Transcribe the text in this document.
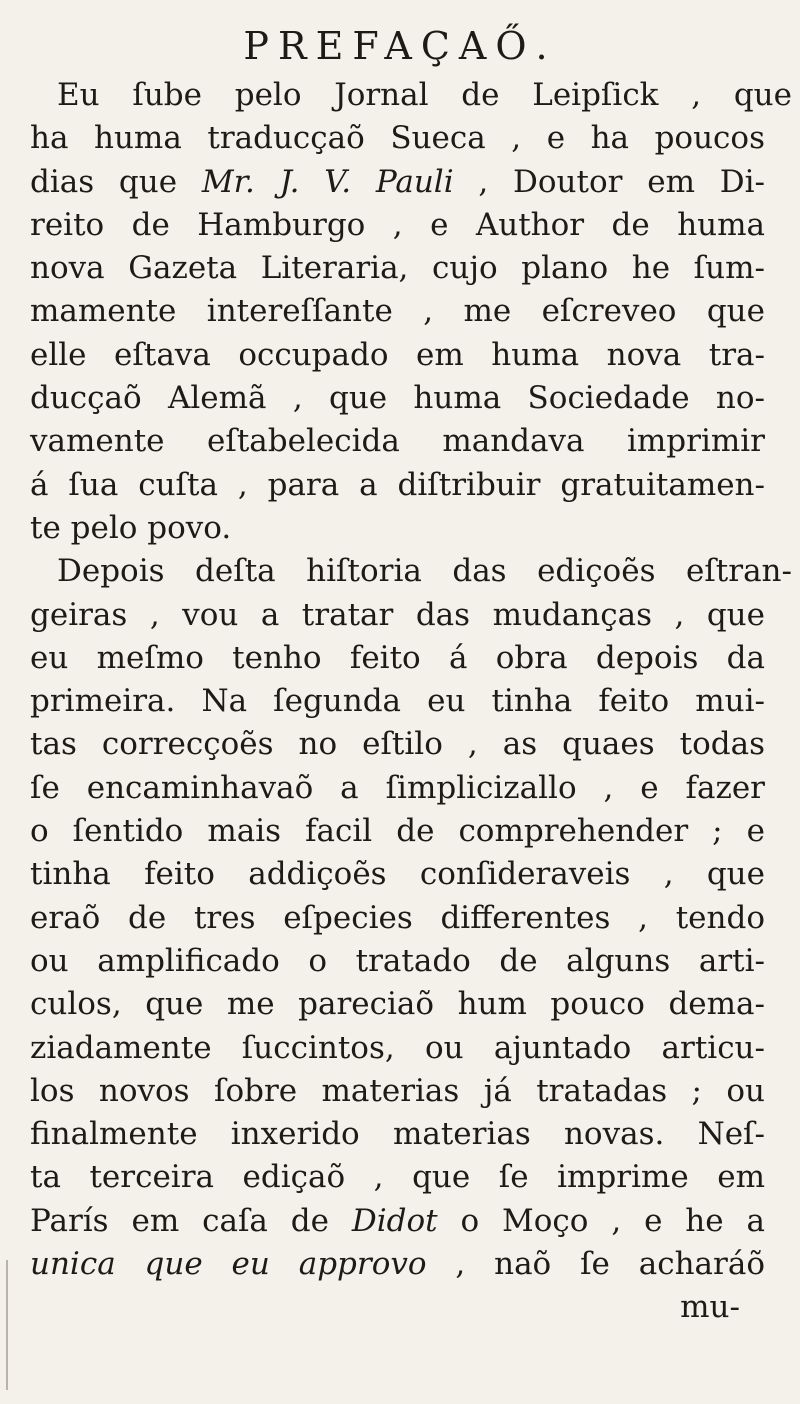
PREFAÇAŐ.
Eu ſube pelo Jornal de Leipſick , que
ha huma traducçaõ Sueca , e ha poucos
dias que Mr. J. V. Pauli , Doutor em Di-
reito de Hamburgo , e Author de huma
nova Gazeta Literaria, cujo plano he ſum-
mamente intereſſante , me eſcreveo que
elle eſtava occupado em huma nova tra-
ducçaõ Alemã , que huma Sociedade no-
vamente eſtabelecida mandava imprimir
á ſua cuſta , para a diſtribuir gratuitamen-
te pelo povo.
Depois deſta hiſtoria das ediçoẽs eſtran-
geiras , vou a tratar das mudanças , que
eu meſmo tenho feito á obra depois da
primeira. Na ſegunda eu tinha feito mui-
tas correcçoẽs no eſtilo , as quaes todas
ſe encaminhavaõ a ſimplicizallo , e fazer
o ſentido mais facil de comprehender ; e
tinha feito addiçoẽs conſideraveis , que
eraõ de tres eſpecies differentes , tendo
ou amplificado o tratado de alguns arti-
culos, que me pareciaõ hum pouco dema-
ziadamente ſuccintos, ou ajuntado articu-
los novos ſobre materias já tratadas ; ou
finalmente inxerido materias novas. Neſ-
ta terceira ediçaõ , que ſe imprime em
París em caſa de Didot o Moço , e he a
unica que eu approvo , naõ ſe acharáõ
mu-
